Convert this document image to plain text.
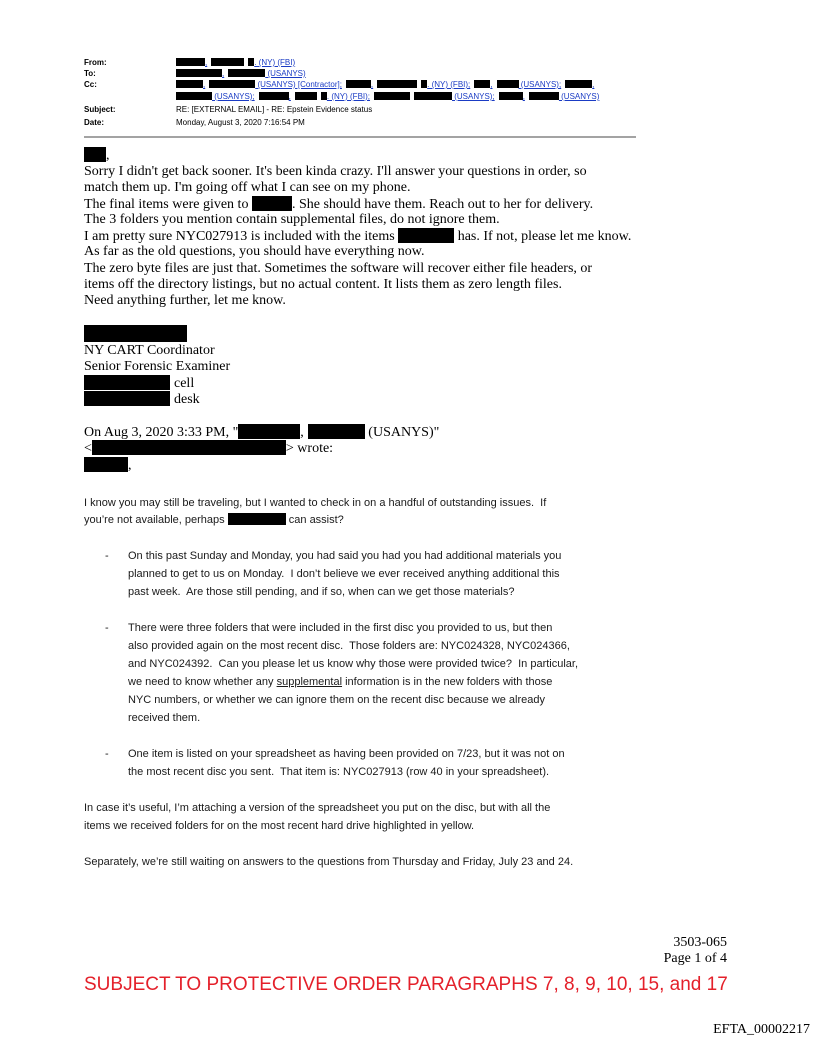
From:

	,	. (NY) (FBI)

To:

	,	(USANYS)

Cc:

	,	(USANYS) [Contractor];	,	. (NY) (FBI);	,	(USANYS);	,

(USANYS);	,	. (NY) (FBI);	(USANYS);	,	(USANYS)

Subject:

	RE: [EXTERNAL EMAIL] - RE: Epstein Evidence status

Date:

	Monday, August 3, 2020 7:16:54 PM

,
Sorry I didn't get back sooner. It's been kinda crazy. I'll answer your questions in order, so
match them up. I'm going off what I can see on my phone.
The final items were given to	. She should have them. Reach out to her for delivery.
The 3 folders you mention contain supplemental files, do not ignore them.
I am pretty sure NYC027913 is included with the items	has. If not, please let me know.
As far as the old questions, you should have everything now.
The zero byte files are just that. Sometimes the software will recover either file headers, or
items off the directory listings, but no actual content. It lists them as zero length files.
Need anything further, let me know.
NY CART Coordinator
Senior Forensic Examiner
cell
desk
On Aug 3, 2020 3:33 PM, "	,	(USANYS)"
<	> wrote:
,
I know you may still be traveling, but I wanted to check in on a handful of outstanding issues.  If
you’re not available, perhaps	can assist?
- On this past Sunday and Monday, you had said you had you had additional materials you
planned to get to us on Monday.  I don’t believe we ever received anything additional this
past week.  Are those still pending, and if so, when can we get those materials?
- There were three folders that were included in the first disc you provided to us, but then
also provided again on the most recent disc.  Those folders are: NYC024328, NYC024366,
and NYC024392.  Can you please let us know why those were provided twice?  In particular,
we need to know whether any supplemental information is in the new folders with those
NYC numbers, or whether we can ignore them on the recent disc because we already
received them.
- One item is listed on your spreadsheet as having been provided on 7/23, but it was not on
the most recent disc you sent.  That item is: NYC027913 (row 40 in your spreadsheet).
In case it’s useful, I’m attaching a version of the spreadsheet you put on the disc, but with all the
items we received folders for on the most recent hard drive highlighted in yellow.
Separately, we’re still waiting on answers to the questions from Thursday and Friday, July 23 and 24.
3503-065
Page 1 of 4
SUBJECT TO PROTECTIVE ORDER PARAGRAPHS 7, 8, 9, 10, 15, and 17
EFTA_00002217
